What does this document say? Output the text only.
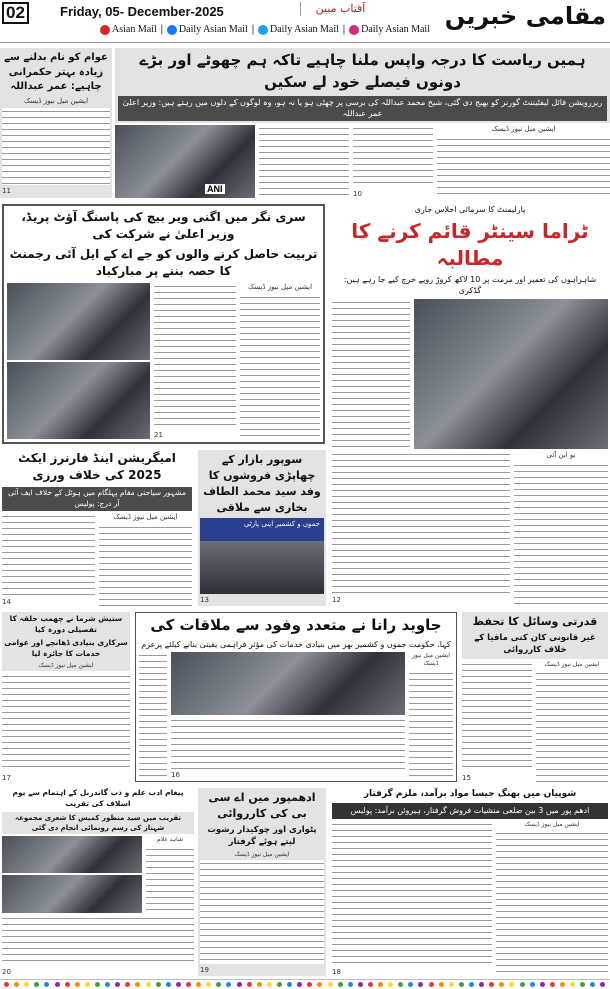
02	Friday, 05- December-2025	آفتاب مبین
Asian Mail | Daily Asian Mail | Daily Asian Mail | Daily Asian Mail مقامی خبریں
عوام کو نام بدلنے سے زیادہ بہتر حکمرانی چاہیے: عمر عبداللہ
ایشین میل نیوز ڈیسک
11
ہمیں ریاست کا درجہ واپس ملنا چاہیے تاکہ ہم چھوٹے اور بڑے دونوں فیصلے خود لے سکیں
ریزرویشن فائل لیفٹیننٹ گورنر کو بھیج دی گئی، شیخ محمد عبداللہ کی برسی پر چھٹی ہو یا نہ ہو، وہ لوگوں کے دلوں میں رہتے ہیں: وزیر اعلیٰ عمر عبداللہ
ANI	10
ایشین میل نیوز ڈیسک
سری نگر میں اگنی ویر بیچ کی پاسنگ آؤٹ پریڈ، وزیر اعلیٰ نے شرکت کی
تربیت حاصل کرنے والوں کو جے اے کے ایل آئی رجمنٹ کا حصہ بننے پر مبارکباد
21
ایشین میل نیوز ڈیسک
پارلیمنٹ کا سرمائی اجلاس جاری
ٹراما سینٹر قائم کرنے کا مطالبہ
شاہراہوں کی تعمیر اور مرمت پر 10 لاکھ کروڑ روپے خرچ کیے جا رہے ہیں: گڈکری
12
یو این آئی
امیگریشن اینڈ فارنرز ایکٹ 2025 کی خلاف ورزی
مشہور سیاحتی مقام پہلگام میں ہوٹل کے خلاف ایف آئی آر درج: پولیس
14
ایشین میل نیوز ڈیسک
سوپور بازار کے چھاپڑی فروشوں کا وفد سید محمد الطاف بخاری سے ملاقی
جموں و کشمیر اپنی پارٹی
13
ستیش شرما نے چھمب حلقہ کا تفصیلی دورہ کیا
سرکاری بنیادی ڈھانچے اور عوامی خدمات کا جائزہ لیا
ایشین میل نیوز ڈیسک
17
جاوید رانا نے متعدد وفود سے ملاقات کی
کہا، حکومت جموں و کشمیر بھر میں بنیادی خدمات کی مؤثر فراہمی یقینی بنانے کیلئے پرعزم
16
ایشین میل نیوز ڈیسک
قدرتی وسائل کا تحفظ
غیر قانونی کان کنی مافیا کے خلاف کارروائی
15
ایشین میل نیوز ڈیسک
پیغام ادب علم و ذب گاندربل کے اہتمام سے یوم اسلاف کی تقریب
تقریب میں سید منظور کمیس کا شعری مجموعہ شہناز کی رسم رونمائی انجام دی گئی
شاہد غلام
20
ادھمپور میں اے سی بی کی کارروائی
پٹواری اور چوکیدار رشوت لیتے ہوئے گرفتار
ایشین میل نیوز ڈیسک
19
شوپیاں میں بھنگ جیسا مواد برآمد، ملزم گرفتار
ادھم پور میں 3 بین ضلعی منشیات فروش گرفتار، ہیروئن برآمد: پولیس
18
ایشین میل نیوز ڈیسک
